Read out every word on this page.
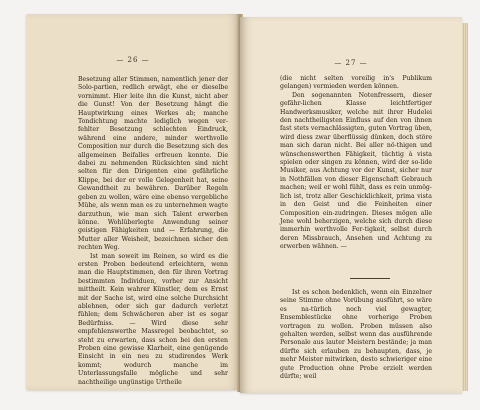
— 26 —

Besetzung aller Stimmen, namentlich jener der Solo-partien, redlich erwägt, ehe er dieselbe vornimmt. Hier leite ihn die Kunst, nicht aber die Gunst! Von der Besetzung hängt die Hauptwirkung eines Werkes ab; manche Tondichtung machte lediglich wegen ver-fehlter Besetzung schlechten Eindruck, während eine andere, minder werthvolle Composition nur durch die Besetzung sich des allgemeinen Beifalles erfreuen konnte. Die dabei zu nehmenden Rücksichten sind nicht selten für den Dirigenten eine gefährliche Klippe, bei der er volle Gelegenheit hat, seine Gewandtheit zu bewähren. Darüber Regeln geben zu wollen, wäre eine ebenso vergebliche Mühe, als wenn man es zu unternehmen wagte darzuthun, wie man sich Talent erwerben könne. Wohlüberlegte Anwendung seiner geistigen Fähigkeiten und — Erfahrung, die Mutter aller Weisheit, bezeichnen sicher den rechten Weg.

Ist man soweit im Reinen, so wird es die ersten Proben bedeutend erleichtern, wenn man die Hauptstimmen, den für ihren Vortrag bestimmten Individuen, vorher zur Ansicht mittheilt. Kein wahrer Künstler, dem es Ernst mit der Sache ist, wird eine solche Durchsicht ablehnen, oder sich gar dadurch verletzt fühlen; dem Schwächeren aber ist es sogar Bedürfniss. — Wird diese sehr empfehlenswerthe Massregel beobachtet, so steht zu erwarten, dass schon bei den ersten Proben eine gewisse Klarheit, eine genügende Einsicht in ein neu zu studirendes Werk kommt; wodurch manche im Unterlassungsfalle mögliche und sehr nachtheilige ungünstige Urtheile

— 27 —

(die nicht selten voreilig in's Publikum gelangen) vermieden werden können.

Den sogenannten Notenfressern, dieser gefähr-lichen Klasse leichtfertiger Handwerksmusiker, welche mit ihrer Hudelei den nachtheiligsten Einfluss auf den von ihnen fast stets vernachlässigten, guten Vortrag üben, wird diess zwar überflüssig dünken, doch störe man sich daran nicht. Bei aller nö-thigen und wünschenswerthen Fähigkeit, tüchtig à vista spielen oder singen zu können, wird der so-lide Musiker, aus Achtung vor der Kunst, sicher nur in Nothfällen von dieser Eigenschaft Gebrauch machen; weil er wohl fühlt, dass es rein unmög-lich ist, trotz aller Geschicklichkeit, prima vista in den Geist und die Feinheiten einer Composition ein-zudringen. Dieses mögen alle Jene wohl beherzigen, welche sich durch diese immerhin werthvolle Fer-tigkeit, selbst durch deren Missbrauch, Ansehen und Achtung zu erwerben wähnen. —

Ist es schon bedenklich, wenn ein Einzelner seine Stimme ohne Vorübung ausführt, so wäre es na-türlich noch viel gewagter, Ensemblestücke ohne vorherige Proben vortragen zu wollen. Proben müssen also gehalten werden, selbst wenn das ausführende Personale aus lauter Meistern bestände; ja man dürfte sich erlauben zu behaupten, dass, je mehr Meister mitwirken, desto schwieriger eine gute Production ohne Probe erzielt werden dürfte; weil
